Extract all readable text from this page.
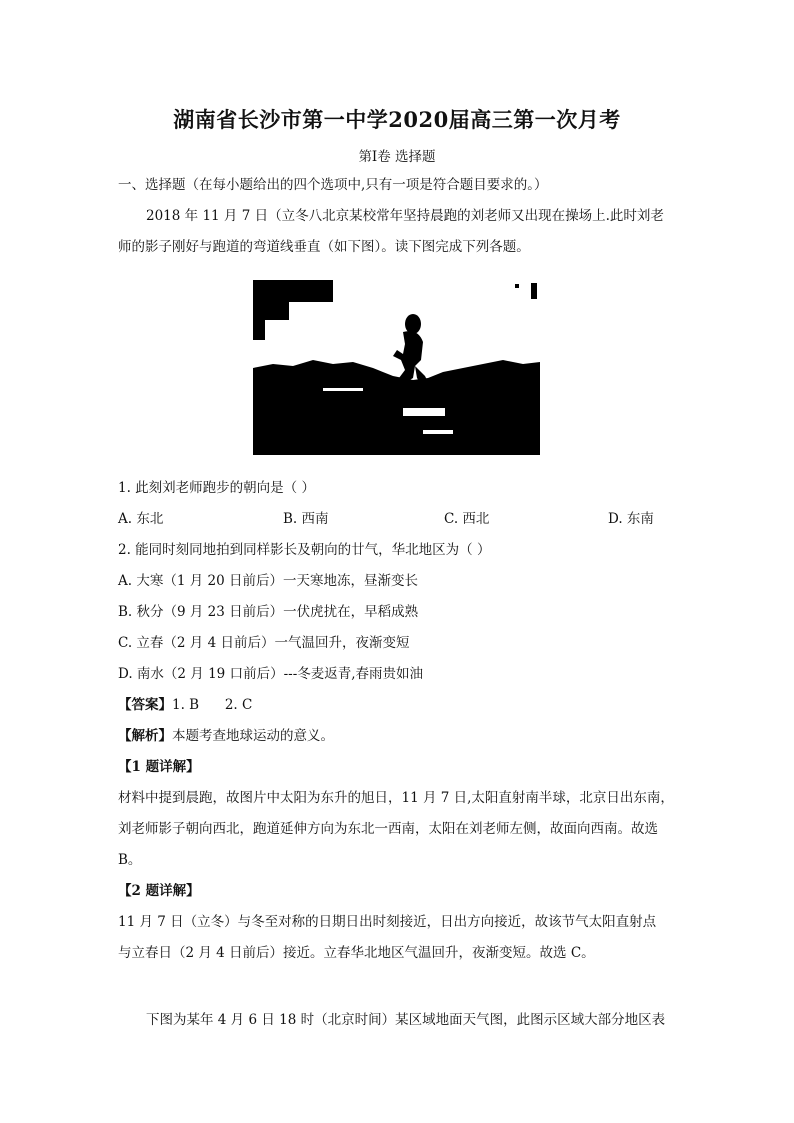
湖南省长沙市第一中学2020届高三第一次月考
第Ⅰ卷 选择题
一、选择题（在每小题给出的四个选项中,只有一项是符合题目要求的。）
2018 年 11 月 7 日（立冬八北京某校常年坚持晨跑的刘老师又出现在操场上.此时刘老
师的影子刚好与跑道的弯道线垂直（如下图）。读下图完成下列各题。
1. 此刻刘老师跑步的朝向是（ ）
A. 东北	B. 西南	C. 西北	D. 东南
2. 能同时刻同地拍到同样影长及朝向的廿气，华北地区为（ ）
A. 大寒（1 月 20 日前后）一天寒地冻，昼渐变长
B. 秋分（9 月 23 日前后）一伏虎扰在，早稻成熟
C. 立春（2 月 4 日前后）一气温回升，夜渐变短
D. 南水（2 月 19 口前后）---冬麦返青,春雨贵如油
【答案】1. B      2. C
【解析】本题考查地球运动的意义。
【1 题详解】
材料中提到晨跑，故图片中太阳为东升的旭日，11 月 7 日,太阳直射南半球，北京日出东南，
刘老师影子朝向西北，跑道延伸方向为东北一西南，太阳在刘老师左侧，故面向西南。故选
B。
【2 题详解】
11 月 7 日（立冬）与冬至对称的日期日出时刻接近，日出方向接近，故该节气太阳直射点
与立春日（2 月 4 日前后）接近。立春华北地区气温回升，夜渐变短。故选 C。
下图为某年 4 月 6 日 18 时（北京时间）某区域地面天气图，此图示区域大部分地区表
